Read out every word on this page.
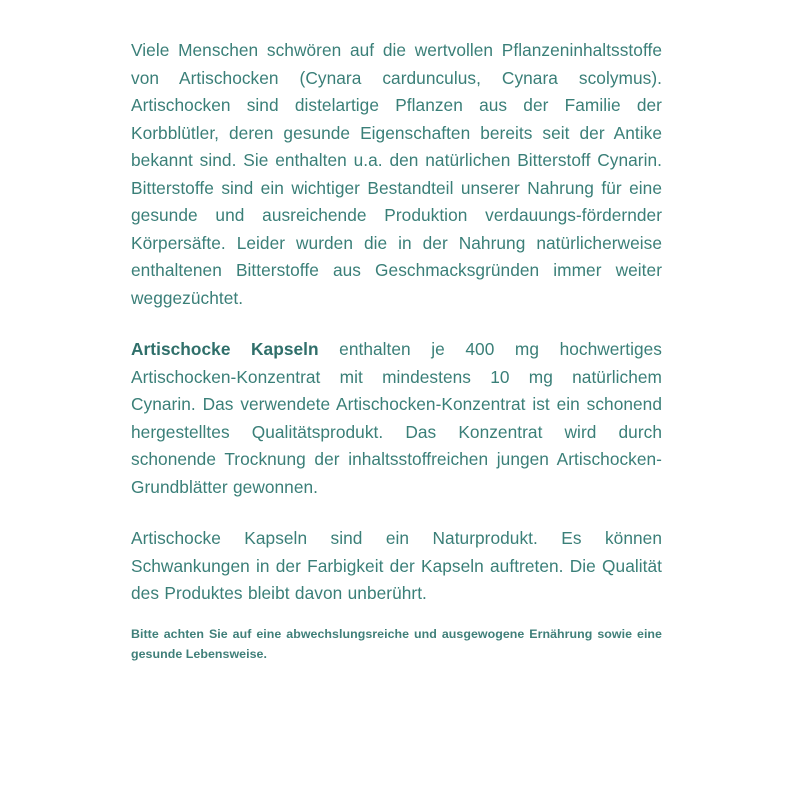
Viele Menschen schwören auf die wertvollen Pflanzeninhaltsstoffe von Artischocken (Cynara cardunculus, Cynara scolymus). Artischocken sind distelartige Pflanzen aus der Familie der Korbblütler, deren gesunde Eigenschaften bereits seit der Antike bekannt sind. Sie enthalten u.a. den natürlichen Bitterstoff Cynarin. Bitterstoffe sind ein wichtiger Bestandteil unserer Nahrung für eine gesunde und ausreichende Produktion verdauungs-fördernder Körpersäfte. Leider wurden die in der Nahrung natürlicherweise enthaltenen Bitterstoffe aus Geschmacksgründen immer weiter weggezüchtet.

Artischocke Kapseln enthalten je 400 mg hochwertiges Artischocken-Konzentrat mit mindestens 10 mg natürlichem Cynarin. Das verwendete Artischocken-Konzentrat ist ein schonend hergestelltes Qualitätsprodukt. Das Konzentrat wird durch schonende Trocknung der inhaltsstoffreichen jungen Artischocken-Grundblätter gewonnen.

Artischocke Kapseln sind ein Naturprodukt. Es können Schwankungen in der Farbigkeit der Kapseln auftreten. Die Qualität des Produktes bleibt davon unberührt.

Bitte achten Sie auf eine abwechslungsreiche und ausgewogene Ernährung sowie eine gesunde Lebensweise.
